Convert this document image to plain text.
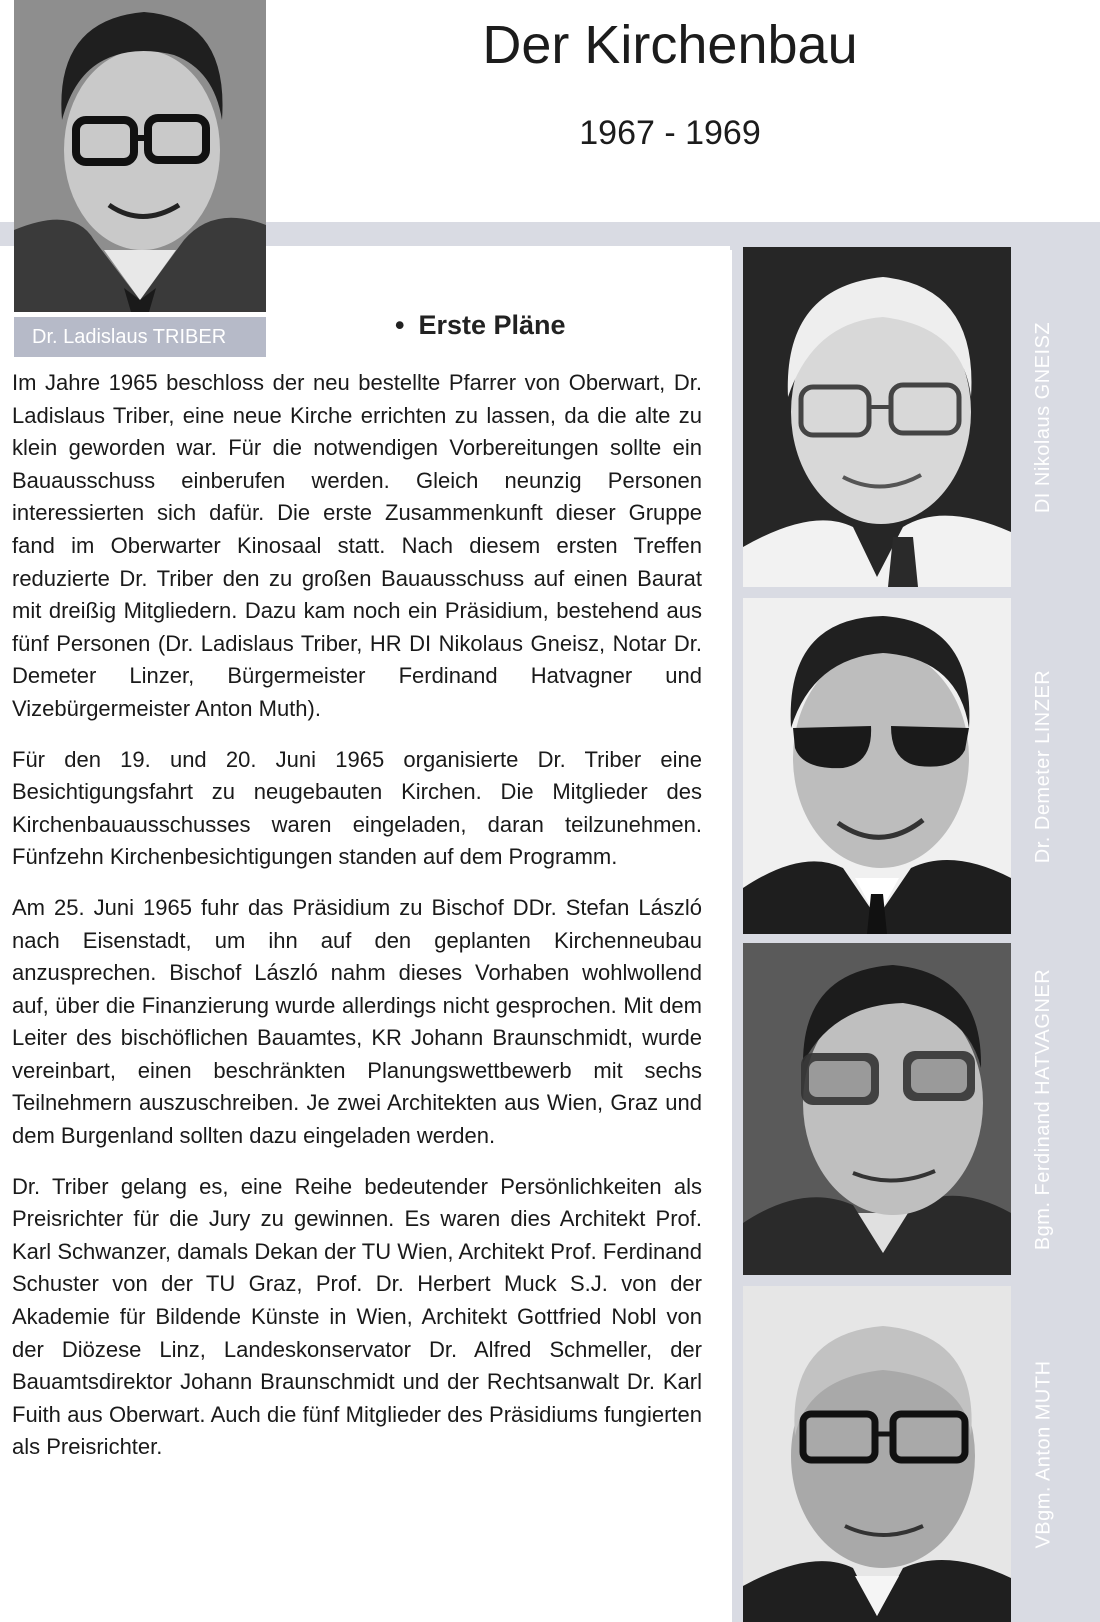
Dr. Ladislaus TRIBER
Der Kirchenbau
1967 - 1969
• Erste Pläne

Im Jahre 1965 beschloss der neu bestellte Pfarrer von Oberwart, Dr. Ladislaus Triber, eine neue Kirche errichten zu lassen, da die alte zu klein geworden war. Für die notwendigen Vorbereitungen sollte ein Bauausschuss einberufen werden. Gleich neunzig Personen interessierten sich dafür. Die erste Zusammenkunft dieser Gruppe fand im Oberwarter Kinosaal statt. Nach diesem ersten Treffen reduzierte Dr. Triber den zu großen Bauausschuss auf einen Baurat mit dreißig Mitgliedern. Dazu kam noch ein Präsidium, bestehend aus fünf Personen (Dr. Ladislaus Triber, HR DI Nikolaus Gneisz, Notar Dr. Demeter Linzer, Bürgermeister Ferdinand Hatvagner und Vizebürgermeister Anton Muth).

Für den 19. und 20. Juni 1965 organisierte Dr. Triber eine Besichtigungsfahrt zu neugebauten Kirchen. Die Mitglieder des Kirchenbauausschusses waren eingeladen, daran teilzunehmen. Fünfzehn Kirchenbesichtigungen standen auf dem Programm.

Am 25. Juni 1965 fuhr das Präsidium zu Bischof DDr. Stefan László nach Eisenstadt, um ihn auf den geplanten Kirchenneubau anzusprechen. Bischof László nahm dieses Vorhaben wohlwollend auf, über die Finanzierung wurde allerdings nicht gesprochen. Mit dem Leiter des bischöflichen Bauamtes, KR Johann Braunschmidt, wurde vereinbart, einen beschränkten Planungswettbewerb mit sechs Teilnehmern auszuschreiben. Je zwei Architekten aus Wien, Graz und dem Burgenland sollten dazu eingeladen werden.

Dr. Triber gelang es, eine Reihe bedeutender Persönlichkeiten als Preisrichter für die Jury zu gewinnen. Es waren dies Architekt Prof. Karl Schwanzer, damals Dekan der TU Wien, Architekt Prof. Ferdinand Schuster von der TU Graz, Prof. Dr. Herbert Muck S.J. von der Akademie für Bildende Künste in Wien, Architekt Gottfried Nobl von der Diözese Linz, Landeskonservator Dr. Alfred Schmeller, der Bauamtsdirektor Johann Braunschmidt und der Rechtsanwalt Dr. Karl Fuith aus Oberwart. Auch die fünf Mitglieder des Präsidiums fungierten als Preisrichter.

DI Nikolaus GNEISZ
Dr. Demeter LINZER
Bgm. Ferdinand HATVAGNER
VBgm. Anton MUTH
